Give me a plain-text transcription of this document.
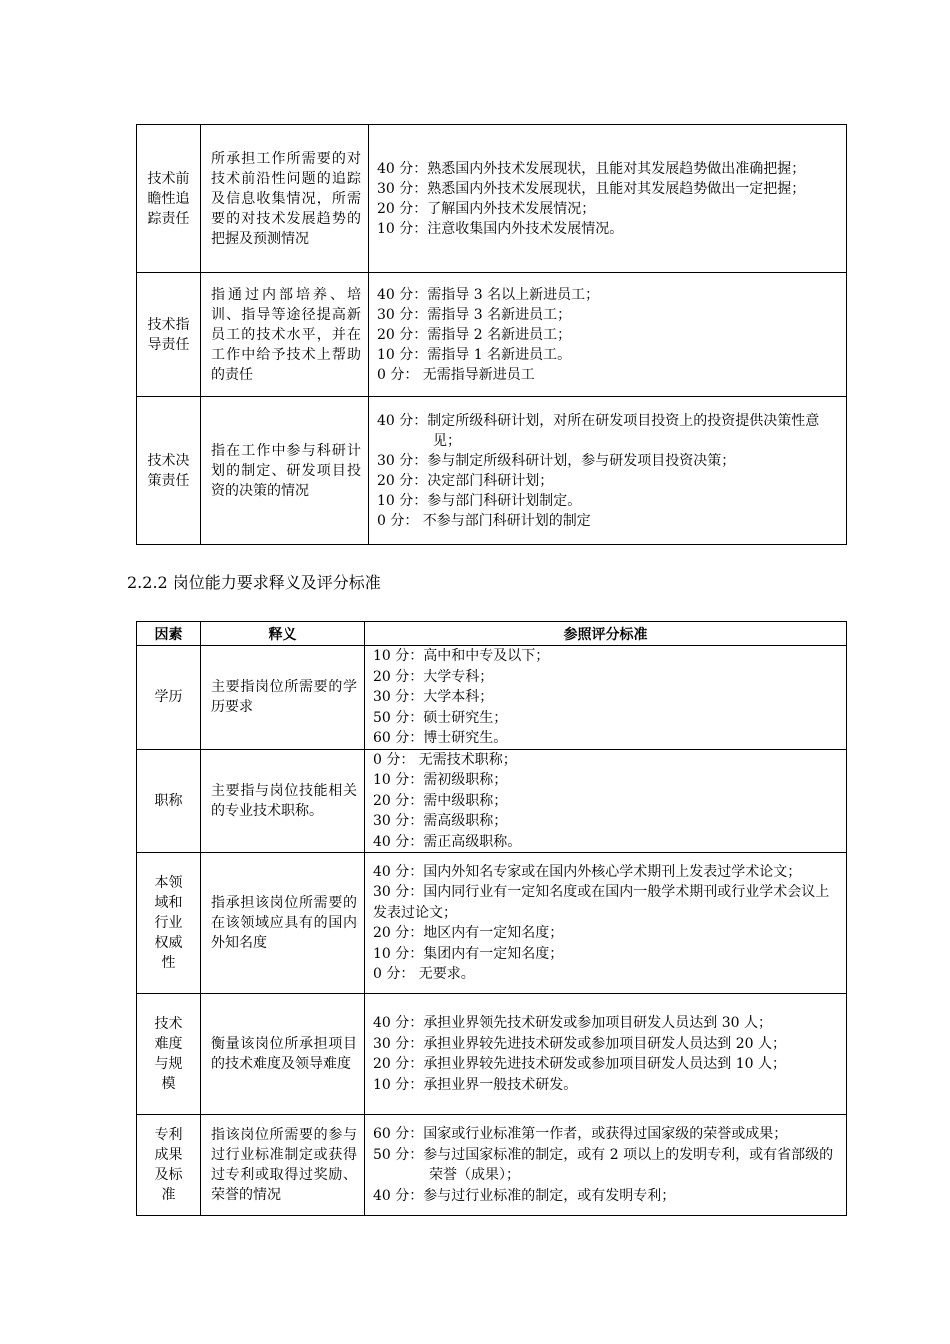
技术前瞻性追踪责任	所承担工作所需要的对技术前沿性问题的追踪及信息收集情况，所需要的对技术发展趋势的把握及预测情况	40 分：熟悉国内外技术发展现状，且能对其发展趋势做出准确把握；
30 分：熟悉国内外技术发展现状，且能对其发展趋势做出一定把握；
20 分：了解国内外技术发展情况；
10 分：注意收集国内外技术发展情况。

技术指导责任	指通过内部培养、培训、指导等途径提高新员工的技术水平，并在工作中给予技术上帮助的责任	40 分：需指导 3 名以上新进员工；
30 分：需指导 3 名新进员工；
20 分：需指导 2 名新进员工；
10 分：需指导 1 名新进员工。
0 分： 无需指导新进员工

技术决策责任	指在工作中参与科研计划的制定、研发项目投资的决策的情况	40 分：制定所级科研计划，对所在研发项目投资上的投资提供决策性意见；
30 分：参与制定所级科研计划，参与研发项目投资决策；
20 分：决定部门科研计划；
10 分：参与部门科研计划制定。
0 分： 不参与部门科研计划的制定
2.2.2 岗位能力要求释义及评分标准
因素	释义	参照评分标准
学历	主要指岗位所需要的学历要求	10 分：高中和中专及以下；
20 分：大学专科；
30 分：大学本科；
50 分：硕士研究生；
60 分：博士研究生。

职称	主要指与岗位技能相关的专业技术职称。	0 分： 无需技术职称；
10 分：需初级职称；
20 分：需中级职称；
30 分：需高级职称；
40 分：需正高级职称。

本领域和行业权威性	指承担该岗位所需要的在该领域应具有的国内外知名度	40 分：国内外知名专家或在国内外核心学术期刊上发表过学术论文；
30 分：国内同行业有一定知名度或在国内一般学术期刊或行业学术会议上发表过论文；
20 分：地区内有一定知名度；
10 分：集团内有一定知名度；
0 分： 无要求。

技术难度与规模	衡量该岗位所承担项目的技术难度及领导难度	40 分：承担业界领先技术研发或参加项目研发人员达到 30 人；
30 分：承担业界较先进技术研发或参加项目研发人员达到 20 人；
20 分：承担业界较先进技术研发或参加项目研发人员达到 10 人；
10 分：承担业界一般技术研发。

专利成果及标准	指该岗位所需要的参与过行业标准制定或获得过专利或取得过奖励、荣誉的情况	60 分：国家或行业标准第一作者，或获得过国家级的荣誉或成果；
50 分：参与过国家标准的制定，或有 2 项以上的发明专利，或有省部级的荣誉（成果）；
40 分：参与过行业标准的制定，或有发明专利；
